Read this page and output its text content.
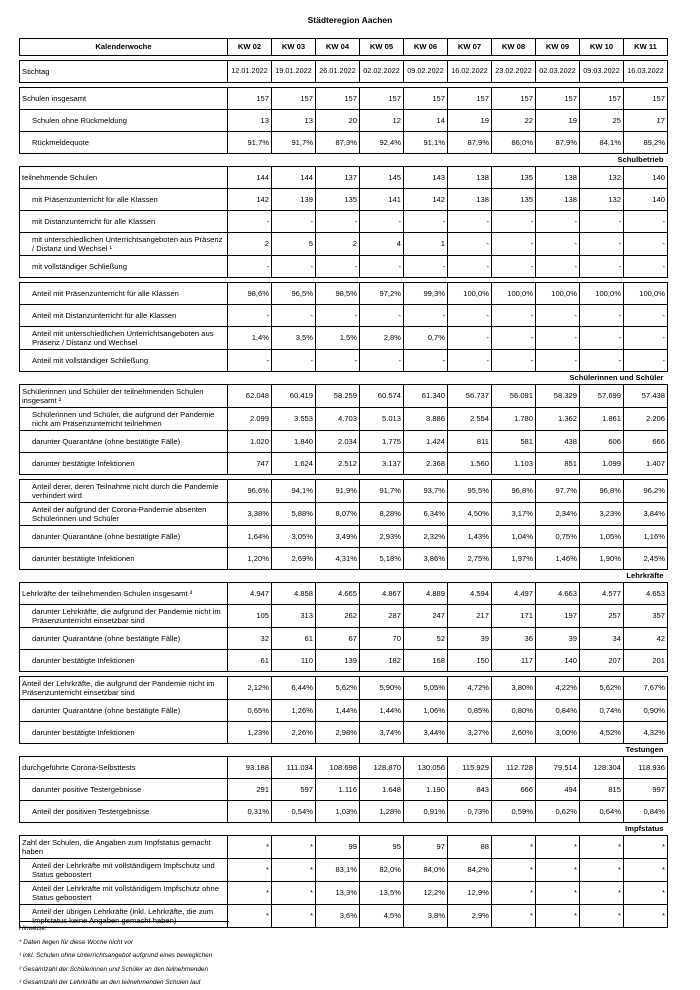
Städteregion Aachen
Kalenderwoche	KW 02	KW 03	KW 04	KW 05	KW 06	KW 07	KW 08	KW 09	KW 10	KW 11

Stichtag	12.01.2022	19.01.2022	26.01.2022	02.02.2022	09.02.2022	16.02.2022	23.02.2022	02.03.2022	09.03.2022	16.03.2022

Schulen insgesamt	157	157	157	157	157	157	157	157	157	157
Schulen ohne Rückmeldung	13	13	20	12	14	19	22	19	25	17
Rückmeldequote	91,7%	91,7%	87,3%	92,4%	91,1%	87,9%	86,0%	87,9%	84,1%	89,2%
Schulbetrieb										
teilnehmende Schulen	144	144	137	145	143	138	135	138	132	140
mit Präsenzunterricht für alle Klassen	142	139	135	141	142	138	135	138	132	140
mit Distanzunterricht für alle Klassen	-	-	-	-	-	-	-	-	-	-
mit unterschiedlichen Unterrichtsangeboten aus Präsenz / Distanz und Wechsel ¹	2	5	2	4	1	-	-	-	-	-
mit vollständiger Schließung	-	-	-	-	-	-	-	-	-	-

Anteil mit Präsenzunterricht für alle Klassen	98,6%	96,5%	98,5%	97,2%	99,3%	100,0%	100,0%	100,0%	100,0%	100,0%
Anteil mit Distanzunterricht für alle Klassen	-	-	-	-	-	-	-	-	-	-
Anteil mit unterschiedlichen Unterrichtsangeboten aus Präsenz / Distanz und Wechsel	1,4%	3,5%	1,5%	2,8%	0,7%	-	-	-	-	-
Anteil mit vollständiger Schließung	-	-	-	-	-	-	-	-	-	-
Schülerinnen und Schüler										
Schülerinnen und Schüler der teilnehmenden Schulen insgesamt ²	62.048	60.419	58.259	60.574	61.340	56.737	56.091	58.329	57.699	57.438
Schülerinnen und Schüler, die aufgrund der Pandemie nicht am Präsenzunterricht teilnehmen	2.099	3.553	4.703	5.013	3.886	2.554	1.780	1.362	1.861	2.206
darunter Quarantäne (ohne bestätigte Fälle)	1.020	1.840	2.034	1.775	1.424	811	581	438	606	666
darunter bestätigte Infektionen	747	1.624	2.512	3.137	2.368	1.560	1.103	851	1.099	1.407

Anteil derer, deren Teilnahme nicht durch die Pandemie verhindert wird	96,6%	94,1%	91,9%	91,7%	93,7%	95,5%	96,8%	97,7%	96,8%	96,2%
Anteil der aufgrund der Corona-Pandemie absenten Schülerinnen und Schüler	3,38%	5,88%	8,07%	8,28%	6,34%	4,50%	3,17%	2,34%	3,23%	3,84%
darunter Quarantäne (ohne bestätigte Fälle)	1,64%	3,05%	3,49%	2,93%	2,32%	1,43%	1,04%	0,75%	1,05%	1,16%
darunter bestätigte Infektionen	1,20%	2,69%	4,31%	5,18%	3,86%	2,75%	1,97%	1,46%	1,90%	2,45%
Lehrkräfte										
Lehrkräfte der teilnehmenden Schulen insgesamt ³	4.947	4.858	4.665	4.867	4.889	4.594	4.497	4.663	4.577	4.653
darunter Lehrkräfte, die aufgrund der Pandemie nicht im Präsenzunterricht einsetzbar sind	105	313	262	287	247	217	171	197	257	357
darunter Quarantäne (ohne bestätigte Fälle)	32	61	67	70	52	39	36	39	34	42
darunter bestätigte Infektionen	61	110	139	182	168	150	117	140	207	201

Anteil der Lehrkräfte, die aufgrund der Pandemie nicht im Präsenzunterricht einsetzbar sind	2,12%	6,44%	5,62%	5,90%	5,05%	4,72%	3,80%	4,22%	5,62%	7,67%
darunter Quarantäne (ohne bestätigte Fälle)	0,65%	1,26%	1,44%	1,44%	1,06%	0,85%	0,80%	0,84%	0,74%	0,90%
darunter bestätigte Infektionen	1,23%	2,26%	2,98%	3,74%	3,44%	3,27%	2,60%	3,00%	4,52%	4,32%
Testungen										
durchgeführte Corona-Selbsttests	93.188	111.034	108.698	128.870	130.056	115.929	112.728	79.514	128.304	118.936
darunter positive Testergebnisse	291	597	1.116	1.648	1.190	843	666	494	815	997
Anteil der positiven Testergebnisse	0,31%	0,54%	1,03%	1,28%	0,91%	0,73%	0,59%	0,62%	0,64%	0,84%
Impfstatus										
Zahl der Schulen, die Angaben zum Impfstatus gemacht haben	*	*	99	95	97	88	*	*	*	*
Anteil der Lehrkräfte mit vollständigem Impfschutz und Status geboostert	*	*	83,1%	82,0%	84,0%	84,2%	*	*	*	*
Anteil der Lehrkräfte mit vollständigem Impfschutz ohne Status geboostert	*	*	13,3%	13,5%	12,2%	12,9%	*	*	*	*
Anteil der übrigen Lehrkräfte (inkl. Lehrkräfte, die zum Impfstatus keine Angaben gemacht haben)	*	*	3,6%	4,5%	3,8%	2,9%	*	*	*	*
Hinweise:
* Daten liegen für diese Woche nicht vor
¹ inkl. Schulen ohne Unterrichtsangebot aufgrund eines beweglichen
² Gesamtzahl der Schülerinnen und Schüler an den teilnehmenden
³ Gesamtzahl der Lehrkräfte an den teilnehmenden Schulen laut
